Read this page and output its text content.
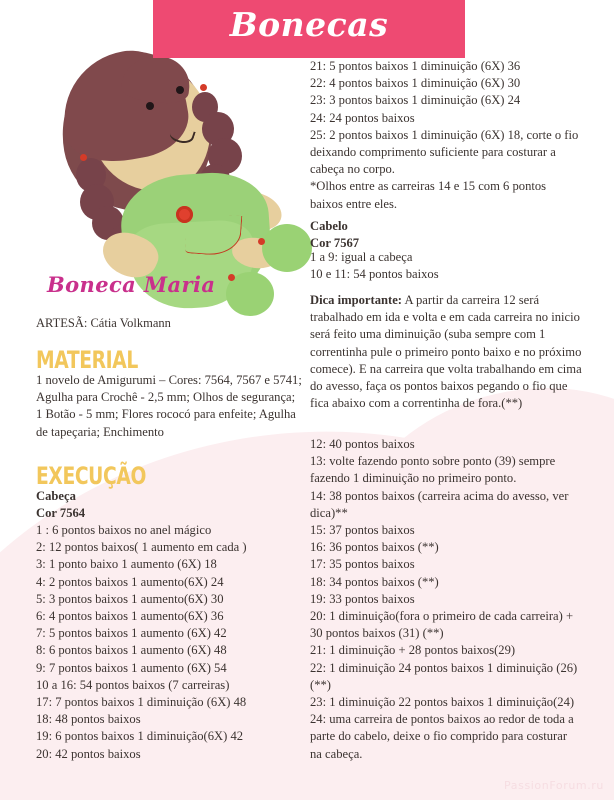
Bonecas
Boneca Maria
ARTESÃ: Cátia Volkmann
MATERIAL
1 novelo de Amigurumi – Cores: 7564, 7567 e 5741; Agulha para Crochê - 2,5 mm; Olhos de segurança; 1 Botão - 5 mm; Flores rococó para enfeite; Agulha de tapeçaria; Enchimento
EXECUÇÃO
Cabeça
Cor 7564
1 : 6 pontos baixos no anel mágico
2: 12 pontos baixos( 1 aumento em cada )
3: 1 ponto baixo 1 aumento (6X) 18
4: 2 pontos baixos 1 aumento(6X) 24
5: 3 pontos baixos 1 aumento(6X) 30
6: 4 pontos baixos 1 aumento(6X) 36
7: 5 pontos baixos 1 aumento (6X) 42
8: 6 pontos baixos 1 aumento (6X) 48
9: 7 pontos baixos 1 aumento (6X) 54
10 a 16: 54 pontos baixos (7 carreiras)
17: 7 pontos baixos 1 diminuição (6X) 48
18: 48 pontos baixos
19: 6 pontos baixos 1 diminuição(6X) 42
20: 42 pontos baixos
21: 5 pontos baixos 1 diminuição (6X) 36
22: 4 pontos baixos 1 diminuição (6X) 30
23: 3 pontos baixos 1 diminuição (6X) 24
24: 24 pontos baixos
25: 2 pontos baixos 1 diminuição (6X) 18, corte o fio deixando comprimento suficiente para costurar a cabeça no corpo.
*Olhos entre as carreiras 14 e 15 com 6 pontos baixos entre eles.
Cabelo
Cor 7567
1 a 9: igual a cabeça
10 e 11: 54 pontos baixos
Dica importante: A partir da carreira 12 será trabalhado em ida e volta e em cada carreira no inicio será feito uma diminuição (suba sempre com 1 correntinha pule o primeiro ponto baixo e no próximo comece). E na carreira que volta trabalhando em cima do avesso, faça os pontos baixos pegando o fio que fica abaixo com a correntinha de fora.(**)
12: 40 pontos baixos
13: volte fazendo ponto sobre ponto (39) sempre fazendo 1 diminuição no primeiro ponto.
14: 38 pontos baixos (carreira acima do avesso, ver dica)**
15: 37 pontos baixos
16: 36 pontos baixos (**)
17: 35 pontos baixos
18: 34 pontos baixos (**)
19: 33 pontos baixos
20: 1 diminuição(fora o primeiro de cada carreira) + 30 pontos baixos (31) (**)
21: 1 diminuição + 28 pontos baixos(29)
22: 1 diminuição 24 pontos baixos 1 diminuição (26) (**)
23: 1 diminuição 22 pontos baixos 1 diminuição(24)
24: uma carreira de pontos baixos ao redor de toda a parte do cabelo, deixe o fio comprido para costurar na cabeça.
PassionForum.ru
